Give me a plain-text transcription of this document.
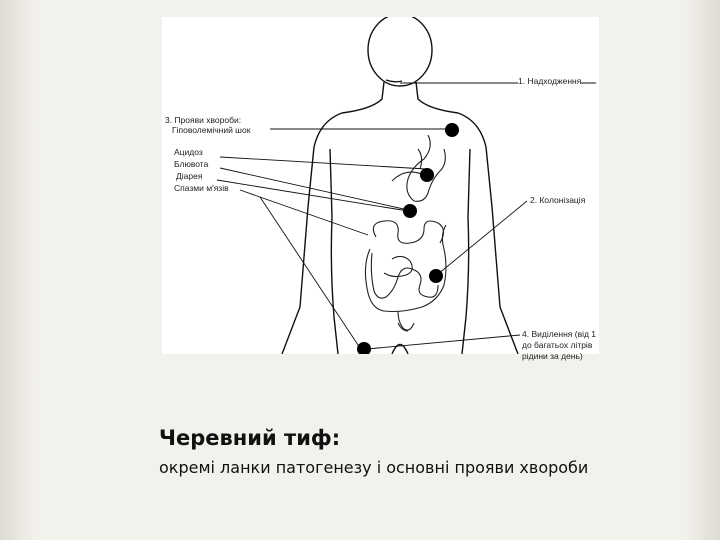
1. Надходження
3. Прояви хвороби:
Гіповолемічний шок
Ацидоз
Блювота
Діарея
Спазми м'язів
2. Колонізація
4. Виділення (від 1
до багатьох літрів
рідини за день)
Черевний тиф:
окремі ланки патогенезу і основні прояви хвороби
